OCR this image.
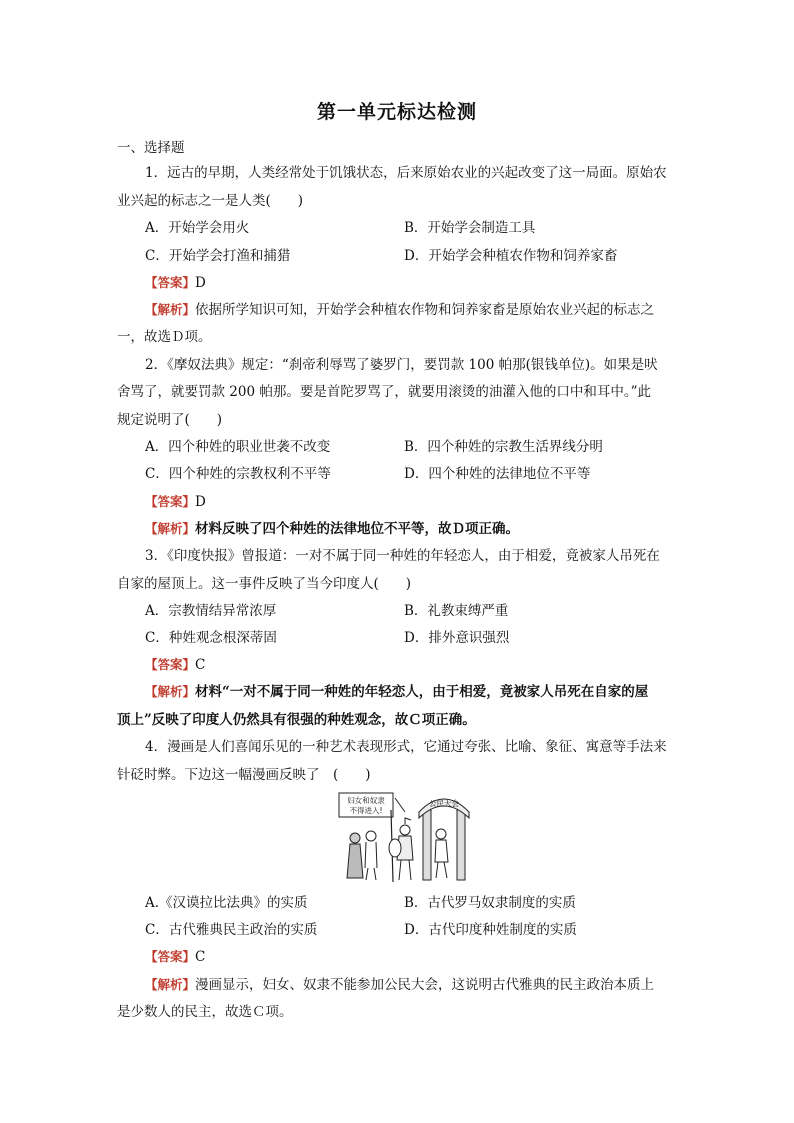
第一单元标达检测
一、选择题
1．远古的早期，人类经常处于饥饿状态，后来原始农业的兴起改变了这一局面。原始农
业兴起的标志之一是人类(　　)
A．开始学会用火	B．开始学会制造工具
C．开始学会打渔和捕猎	D．开始学会种植农作物和饲养家畜
【答案】D
【解析】依据所学知识可知，开始学会种植农作物和饲养家畜是原始农业兴起的标志之
一，故选Ｄ项。
2．《摩奴法典》规定：“刹帝利辱骂了婆罗门，要罚款 100 帕那(银钱单位)。如果是吠
舍骂了，就要罚款 200 帕那。要是首陀罗骂了，就要用滚烫的油灌入他的口中和耳中。”此
规定说明了(　　)
A．四个种姓的职业世袭不改变	B．四个种姓的宗教生活界线分明
C．四个种姓的宗教权利不平等	D．四个种姓的法律地位不平等
【答案】D
【解析】材料反映了四个种姓的法律地位不平等，故Ｄ项正确。
3．《印度快报》曾报道：一对不属于同一种姓的年轻恋人，由于相爱，竟被家人吊死在
自家的屋顶上。这一事件反映了当今印度人(　　)
A．宗教情结异常浓厚	B．礼教束缚严重
C．种姓观念根深蒂固	D．排外意识强烈
【答案】C
【解析】材料“一对不属于同一种姓的年轻恋人，由于相爱，竟被家人吊死在自家的屋
顶上”反映了印度人仍然具有很强的种姓观念，故Ｃ项正确。
4．漫画是人们喜闻乐见的一种艺术表现形式，它通过夸张、比喻、象征、寓意等手法来
针砭时弊。下边这一幅漫画反映了　(　　)
妇女和奴隶
不得进入!
公民大会
A.《汉谟拉比法典》的实质	B．古代罗马奴隶制度的实质
C．古代雅典民主政治的实质	D．古代印度种姓制度的实质
【答案】C
【解析】漫画显示，妇女、奴隶不能参加公民大会，这说明古代雅典的民主政治本质上
是少数人的民主，故选Ｃ项。
